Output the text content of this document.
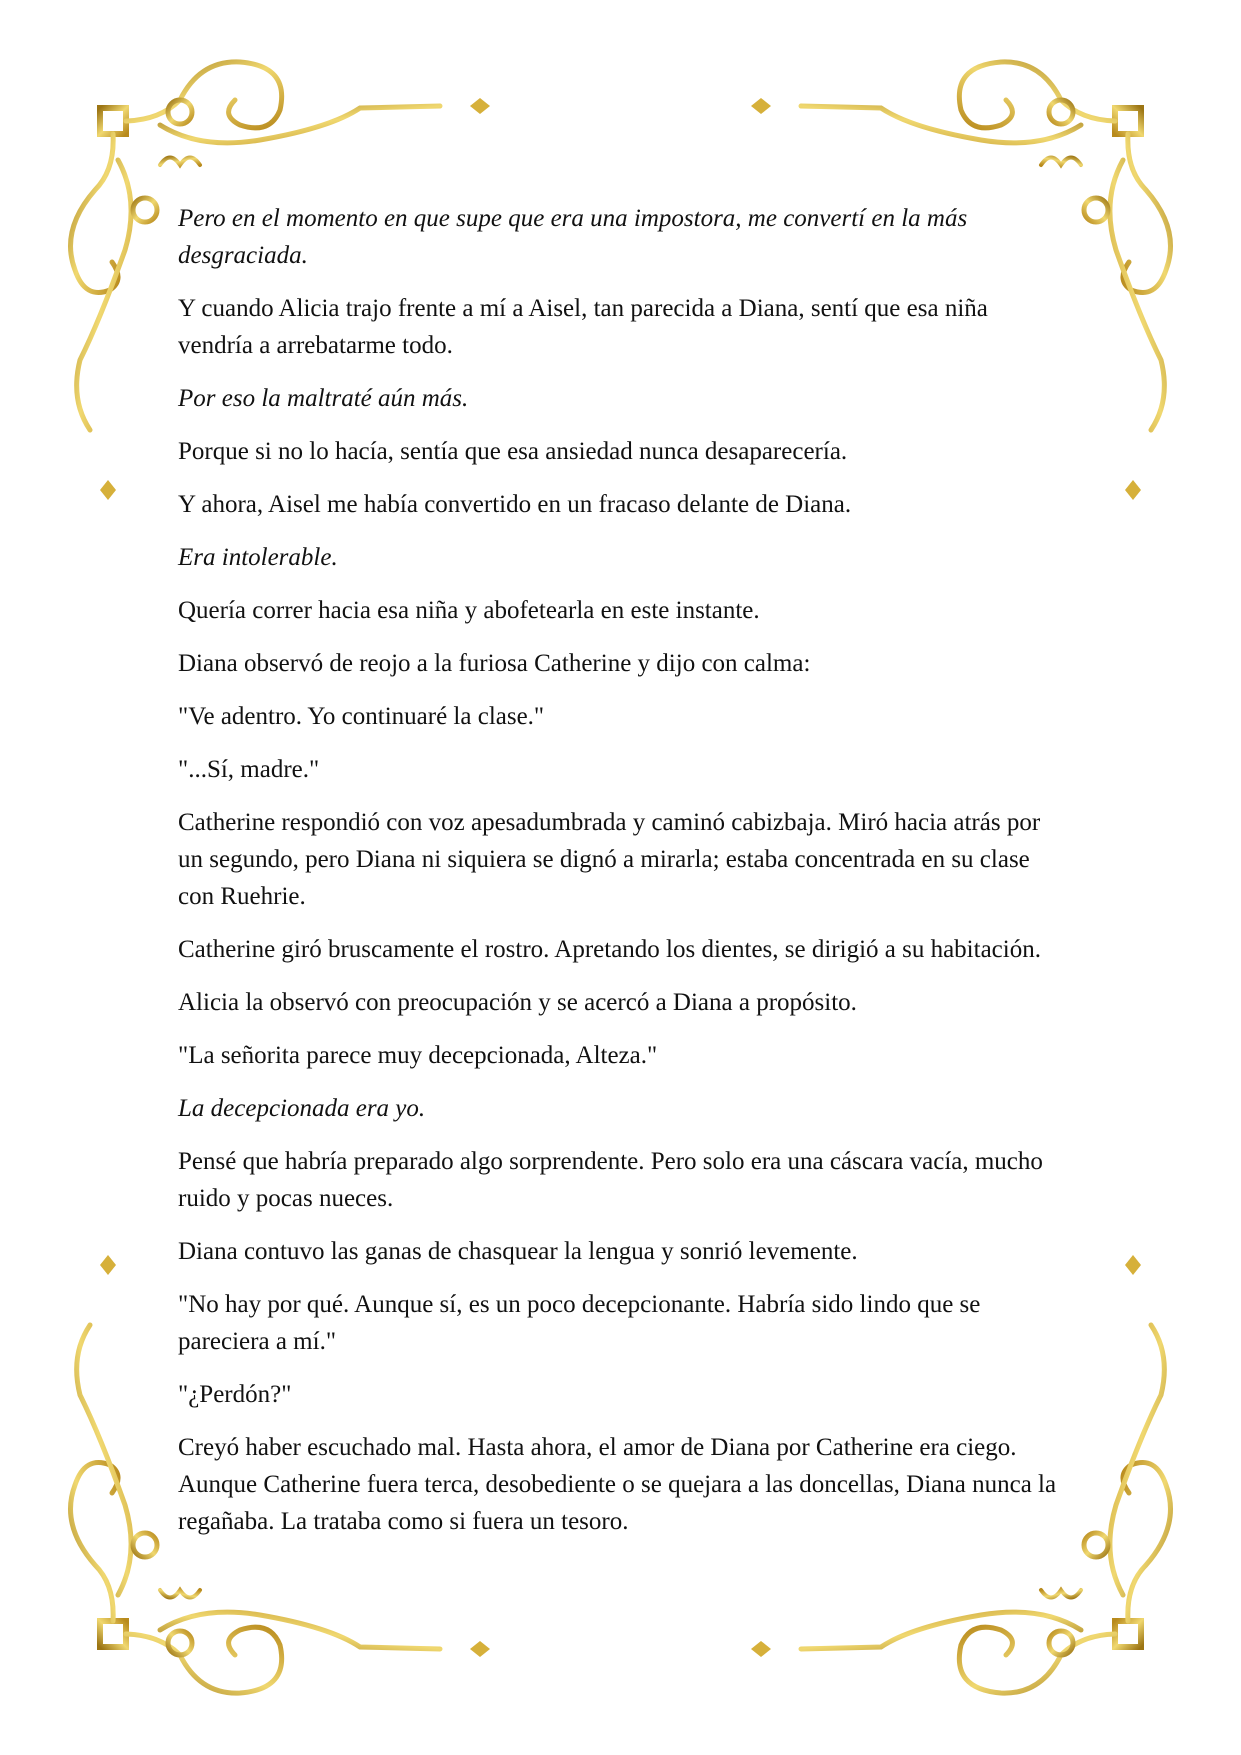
Pero en el momento en que supe que era una impostora, me convertí en la más desgraciada.

Y cuando Alicia trajo frente a mí a Aisel, tan parecida a Diana, sentí que esa niña vendría a arrebatarme todo.

Por eso la maltraté aún más.

Porque si no lo hacía, sentía que esa ansiedad nunca desaparecería.

Y ahora, Aisel me había convertido en un fracaso delante de Diana.

Era intolerable.

Quería correr hacia esa niña y abofetearla en este instante.

Diana observó de reojo a la furiosa Catherine y dijo con calma:

"Ve adentro. Yo continuaré la clase."

"...Sí, madre."

Catherine respondió con voz apesadumbrada y caminó cabizbaja. Miró hacia atrás por un segundo, pero Diana ni siquiera se dignó a mirarla; estaba concentrada en su clase con Ruehrie.

Catherine giró bruscamente el rostro. Apretando los dientes, se dirigió a su habitación.

Alicia la observó con preocupación y se acercó a Diana a propósito.

"La señorita parece muy decepcionada, Alteza."

La decepcionada era yo.

Pensé que habría preparado algo sorprendente. Pero solo era una cáscara vacía, mucho ruido y pocas nueces.

Diana contuvo las ganas de chasquear la lengua y sonrió levemente.

"No hay por qué. Aunque sí, es un poco decepcionante. Habría sido lindo que se pareciera a mí."

"¿Perdón?"

Creyó haber escuchado mal. Hasta ahora, el amor de Diana por Catherine era ciego. Aunque Catherine fuera terca, desobediente o se quejara a las doncellas, Diana nunca la regañaba. La trataba como si fuera un tesoro.
